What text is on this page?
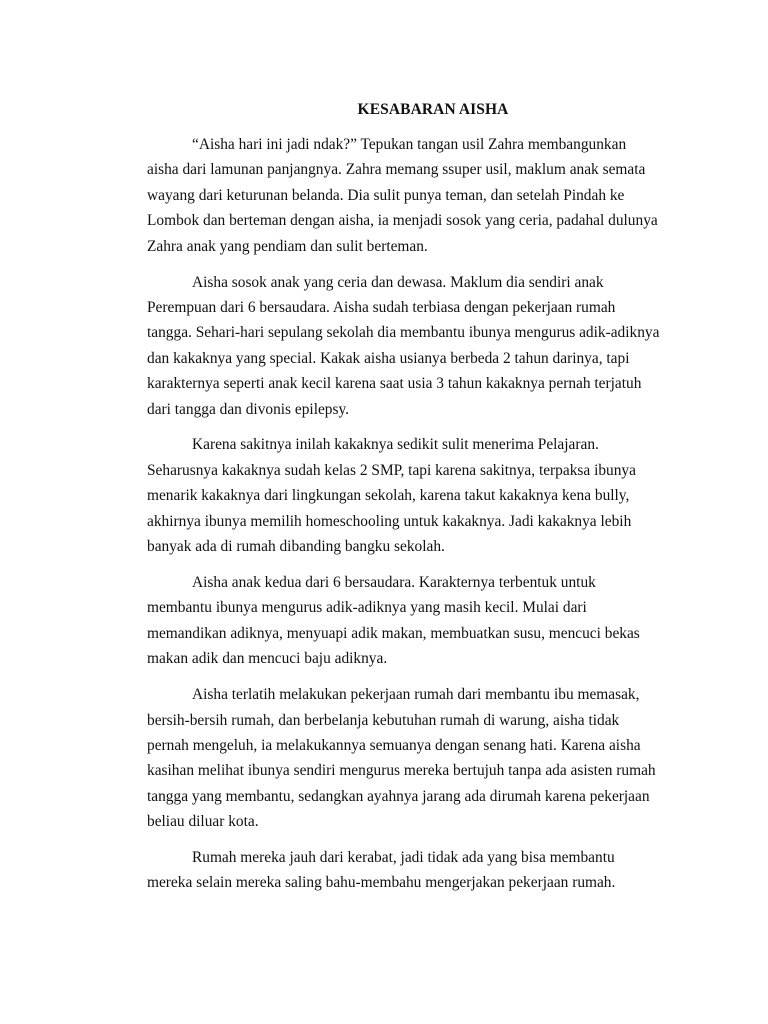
KESABARAN AISHA

“Aisha hari ini jadi ndak?” Tepukan tangan usil Zahra membangunkan aisha dari lamunan panjangnya. Zahra memang ssuper usil, maklum anak semata wayang dari keturunan belanda. Dia sulit punya teman, dan setelah Pindah ke Lombok dan berteman dengan aisha, ia menjadi sosok yang ceria, padahal dulunya Zahra anak yang pendiam dan sulit berteman.

Aisha sosok anak yang ceria dan dewasa. Maklum dia sendiri anak Perempuan dari 6 bersaudara. Aisha sudah terbiasa dengan pekerjaan rumah tangga. Sehari-hari sepulang sekolah dia membantu ibunya mengurus adik-adiknya dan kakaknya yang special. Kakak aisha usianya berbeda 2 tahun darinya, tapi karakternya seperti anak kecil karena saat usia 3 tahun kakaknya pernah terjatuh dari tangga dan divonis epilepsy.

Karena sakitnya inilah kakaknya sedikit sulit menerima Pelajaran. Seharusnya kakaknya sudah kelas 2 SMP, tapi karena sakitnya, terpaksa ibunya menarik kakaknya dari lingkungan sekolah, karena takut kakaknya kena bully, akhirnya ibunya memilih homeschooling untuk kakaknya. Jadi kakaknya lebih banyak ada di rumah dibanding bangku sekolah.

Aisha anak kedua dari 6 bersaudara. Karakternya terbentuk untuk membantu ibunya mengurus adik-adiknya yang masih kecil. Mulai dari memandikan adiknya, menyuapi adik makan, membuatkan susu, mencuci bekas makan adik dan mencuci baju adiknya.

Aisha terlatih melakukan pekerjaan rumah dari membantu ibu memasak, bersih-bersih rumah, dan berbelanja kebutuhan rumah di warung, aisha tidak pernah mengeluh, ia melakukannya semuanya dengan senang hati. Karena aisha kasihan melihat ibunya sendiri mengurus mereka bertujuh tanpa ada asisten rumah tangga yang membantu, sedangkan ayahnya jarang ada dirumah karena pekerjaan beliau diluar kota.

Rumah mereka jauh dari kerabat, jadi tidak ada yang bisa membantu mereka selain mereka saling bahu-membahu mengerjakan pekerjaan rumah.
